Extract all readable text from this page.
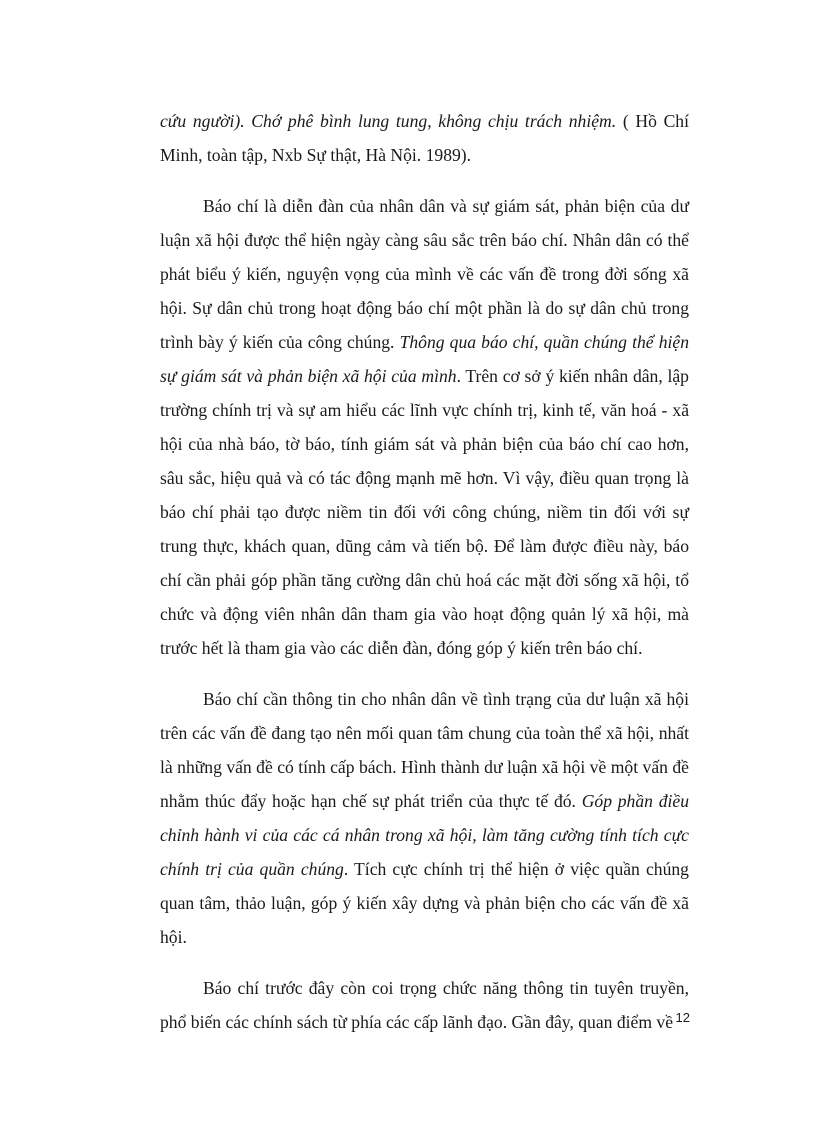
cứu người). Chớ phê bình lung tung, không chịu trách nhiệm. ( Hồ Chí Minh, toàn tập, Nxb Sự thật, Hà Nội. 1989).

Báo chí là diễn đàn của nhân dân và sự giám sát, phản biện của dư luận xã hội được thể hiện ngày càng sâu sắc trên báo chí. Nhân dân có thể phát biểu ý kiến, nguyện vọng của mình về các vấn đề trong đời sống xã hội. Sự dân chủ trong hoạt động báo chí một phần là do sự dân chủ trong trình bày ý kiến của công chúng. Thông qua báo chí, quần chúng thể hiện sự giám sát và phản biện xã hội của mình. Trên cơ sở ý kiến nhân dân, lập trường chính trị và sự am hiểu các lĩnh vực chính trị, kinh tế, văn hoá - xã hội của nhà báo, tờ báo, tính giám sát và phản biện của báo chí cao hơn, sâu sắc, hiệu quả và có tác động mạnh mẽ hơn. Vì vậy, điều quan trọng là báo chí phải tạo được niềm tin đối với công chúng, niềm tin đối với sự trung thực, khách quan, dũng cảm và tiến bộ. Để làm được điều này, báo chí cần phải góp phần tăng cường dân chủ hoá các mặt đời sống xã hội, tổ chức và động viên nhân dân tham gia vào hoạt động quản lý xã hội, mà trước hết là tham gia vào các diễn đàn, đóng góp ý kiến trên báo chí.

Báo chí cần thông tin cho nhân dân về tình trạng của dư luận xã hội trên các vấn đề đang tạo nên mối quan tâm chung của toàn thể xã hội, nhất là những vấn đề có tính cấp bách. Hình thành dư luận xã hội về một vấn đề nhằm thúc đẩy hoặc hạn chế sự phát triển của thực tế đó. Góp phần điều chỉnh hành vi của các cá nhân trong xã hội, làm tăng cường tính tích cực chính trị của quần chúng. Tích cực chính trị thể hiện ở việc quần chúng quan tâm, thảo luận, góp ý kiến xây dựng và phản biện cho các vấn đề xã hội.

Báo chí trước đây còn coi trọng chức năng thông tin tuyên truyền, phổ biến các chính sách từ phía các cấp lãnh đạo. Gần đây, quan điểm về 12
